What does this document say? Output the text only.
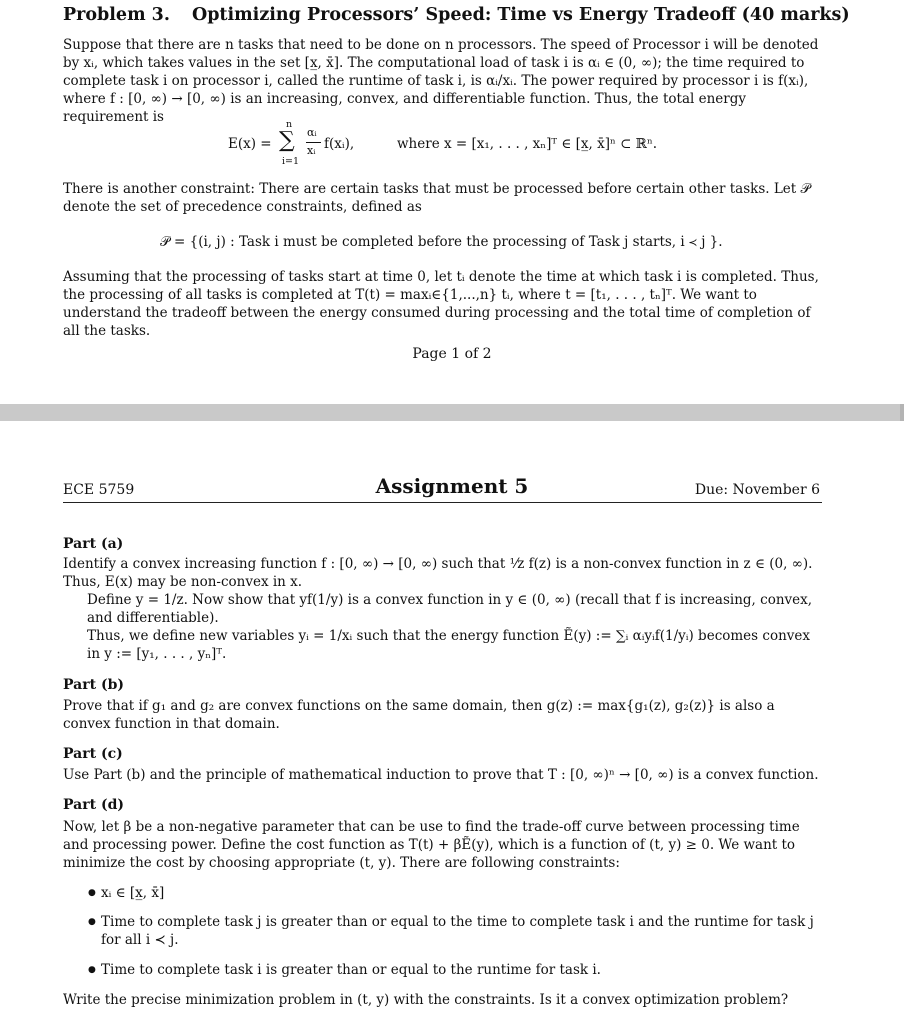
Problem 3. Optimizing Processors’ Speed: Time vs Energy Tradeoff (40 marks)
Suppose that there are n tasks that need to be done on n processors. The speed of Processor i will be denoted by xᵢ, which takes values in the set [x̲, x̄]. The computational load of task i is αᵢ ∈ (0, ∞); the time required to complete task i on processor i, called the runtime of task i, is αᵢ/xᵢ. The power required by processor i is f(xᵢ), where f : [0, ∞) → [0, ∞) is an increasing, convex, and differentiable function. Thus, the total energy requirement is
E(x) =
n
∑
i=1
αᵢ
xᵢ f(xᵢ),	where x = [x₁, . . . , xₙ]ᵀ ∈ [x̲, x̄]ⁿ ⊂ ℝⁿ.
There is another constraint: There are certain tasks that must be processed before certain other tasks. Let 𝒫 denote the set of precedence constraints, defined as
𝒫 = {(i, j) : Task i must be completed before the processing of Task j starts, i ≺ j }.
Assuming that the processing of tasks start at time 0, let tᵢ denote the time at which task i is completed. Thus, the processing of all tasks is completed at T(t) = maxᵢ∈{1,...,n} tᵢ, where t = [t₁, . . . , tₙ]ᵀ. We want to understand the tradeoff between the energy consumed during processing and the total time of completion of all the tasks.
Page 1 of 2
ECE 5759	Assignment 5	Due: November 6
Part (a)
Identify a convex increasing function f : [0, ∞) → [0, ∞) such that ¹⁄z f(z) is a non-convex function in z ∈ (0, ∞). Thus, E(x) may be non-convex in x.
Define y = 1/z. Now show that yf(1/y) is a convex function in y ∈ (0, ∞) (recall that f is increasing, convex, and differentiable).
Thus, we define new variables yᵢ = 1/xᵢ such that the energy function Ẽ(y) := ∑ᵢ αᵢyᵢf(1/yᵢ) becomes convex in y := [y₁, . . . , yₙ]ᵀ.
Part (b)
Prove that if g₁ and g₂ are convex functions on the same domain, then g(z) := max{g₁(z), g₂(z)} is also a convex function in that domain.
Part (c)
Use Part (b) and the principle of mathematical induction to prove that T : [0, ∞)ⁿ → [0, ∞) is a convex function.
Part (d)
Now, let β be a non-negative parameter that can be use to find the trade-off curve between processing time and processing power. Define the cost function as T(t) + βẼ(y), which is a function of (t, y) ≥ 0. We want to minimize the cost by choosing appropriate (t, y). There are following constraints:
● xᵢ ∈ [x̲, x̄]
● Time to complete task j is greater than or equal to the time to complete task i and the runtime for task j for all i ≺ j.
● Time to complete task i is greater than or equal to the runtime for task i.
Write the precise minimization problem in (t, y) with the constraints. Is it a convex optimization problem?
